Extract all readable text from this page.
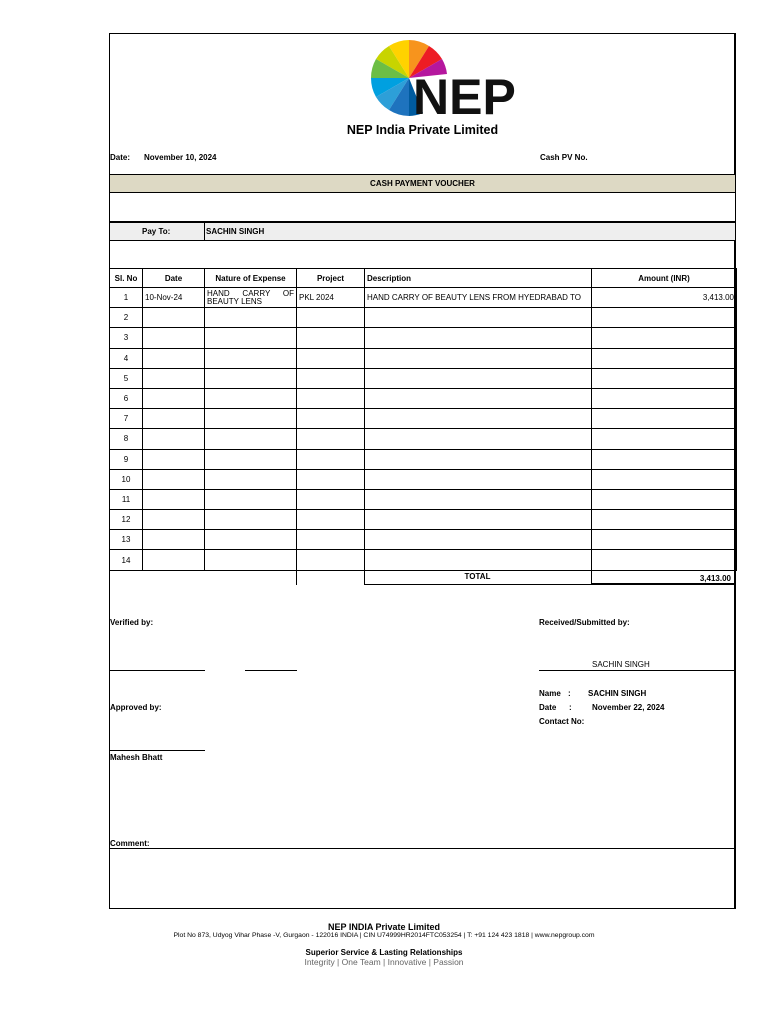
NEP
NEP India Private Limited
Date: November 10, 2024	Cash PV No.
CASH PAYMENT VOUCHER
Pay To:	SACHIN SINGH
Sl. No	Date	Nature of Expense	Project	Description	Amount (INR)
1	10-Nov-24	HAND CARRY OF BEAUTY LENS	PKL 2024	HAND CARRY OF BEAUTY LENS FROM HYEDRABAD TO	3,413.00
2					
3					
4					
5					
6					
7					
8					
9					
10					
11					
12					
13					
14					
TOTAL	3,413.00
Verified by:	Received/Submitted by:
SACHIN SINGH
Name : SACHIN SINGH
Approved by:	Date :	November 22, 2024
Contact No:
Mahesh Bhatt
Comment:
NEP INDIA Private Limited
Plot No 873, Udyog Vihar Phase -V, Gurgaon - 122016 INDIA | CIN U74999HR2014FTC053254 | T: +91 124 423 1818 | www.nepgroup.com
Superior Service & Lasting Relationships
Integrity | One Team | Innovative | Passion
